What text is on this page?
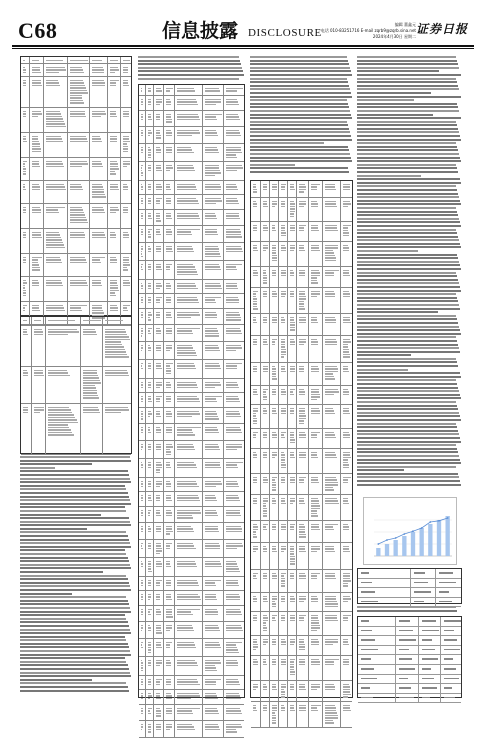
C68	信息披露 DISCLOSURE
编辑 董鑫元
电话 010-83251716 E-mail zqrb9@zqrb.sina.net
2024年4月30日 星期二
证券日报
